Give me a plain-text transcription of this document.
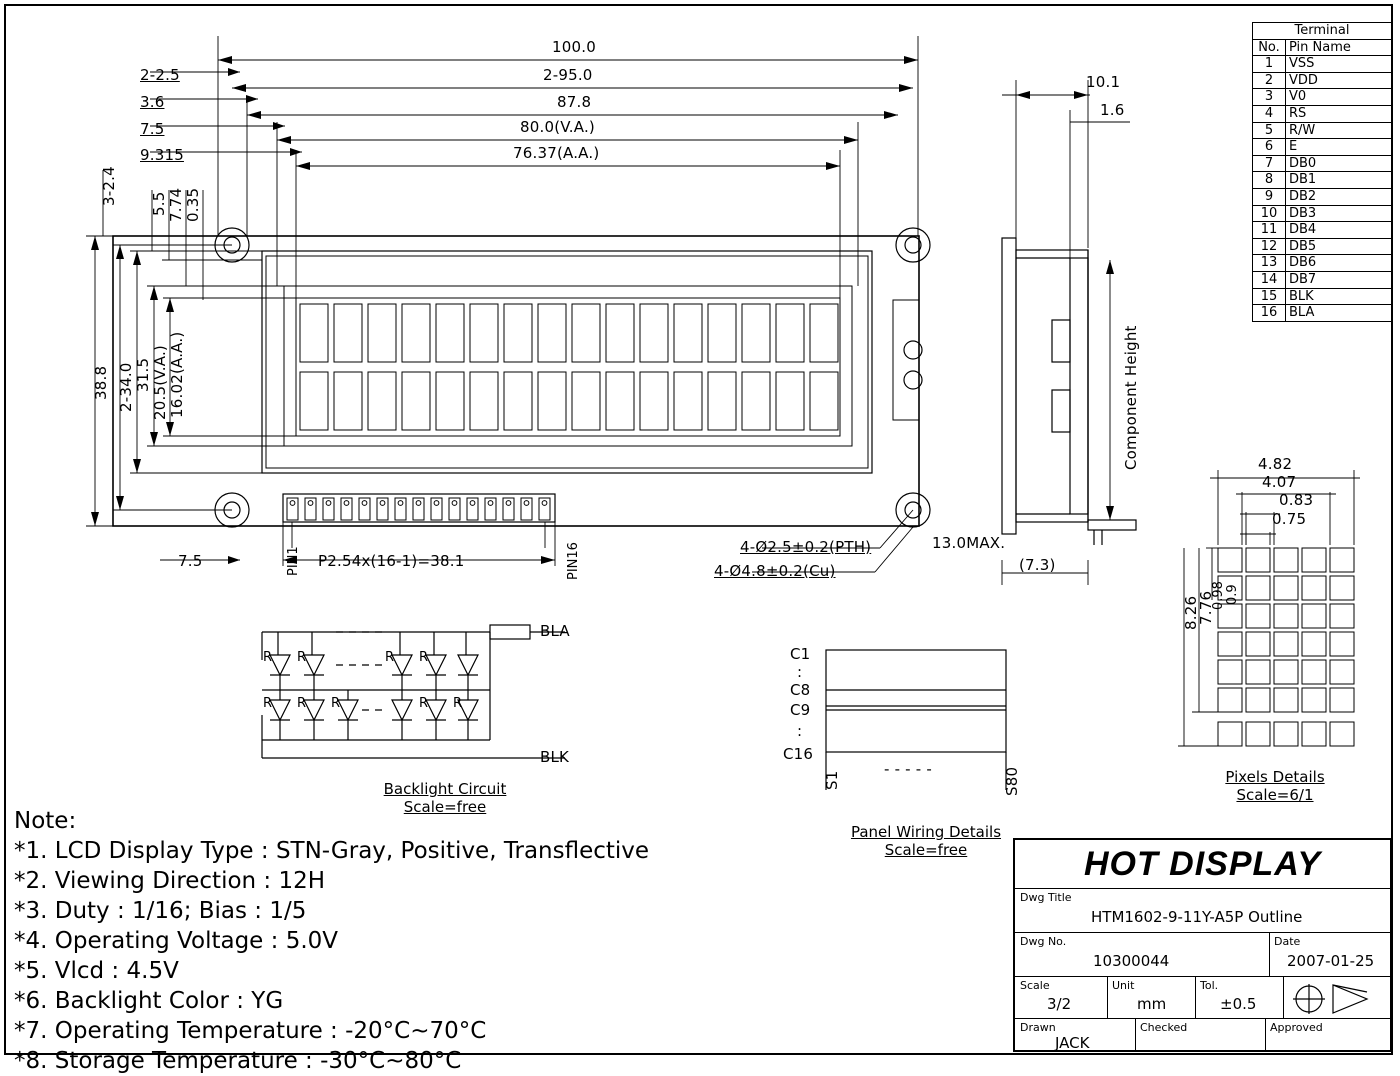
100.0
2-95.0
87.8
80.0(V.A.)
76.37(A.A.)
2-2.5
3.6
7.5
9.315
38.8 2-34.0 31.5 20.5(V.A.) 16.02(A.A.)
3-2.4 5.5 7.74 0.35
7.5	P2.54x(16-1)=38.1
PIN1	PIN16	4-Ø2.5±0.2(PTH)
4-Ø4.8±0.2(Cu)
10.1
1.6
Component Height
13.0MAX.
(7.3)
4.82
4.07
0.83
0.75
8.26
7.76
0.98 0.9
Pixels Details
Scale=6/1
BLA
BLK
R R	R R
R R R	R R
Backlight Circuit
Scale=free
C1
:
C8
C9
:
C16
S1	S80
- - - - -
Panel Wiring Details
Scale=free
Terminal	
No.	Pin Name
1	VSS
2	VDD
3	V0
4	RS
5	R/W
6	E
7	DB0
8	DB1
9	DB2
10	DB3
11	DB4
12	DB5
13	DB6
14	DB7
15	BLK
16	BLA
Note:
*1. LCD Display Type : STN-Gray, Positive, Transflective
*2. Viewing Direction : 12H
*3. Duty : 1/16; Bias : 1/5
*4. Operating Voltage : 5.0V
*5. Vlcd : 4.5V
*6. Backlight Color : YG
*7. Operating Temperature : -20°C~70°C
*8. Storage Temperature : -30°C~80°C
HOT DISPLAY
Dwg Title
HTM1602-9-11Y-A5P Outline
Dwg No.
10300044
Date
2007-01-25
Scale
3/2
Unit
mm
Tol.
±0.5
Drawn
JACK
Checked	Approved
